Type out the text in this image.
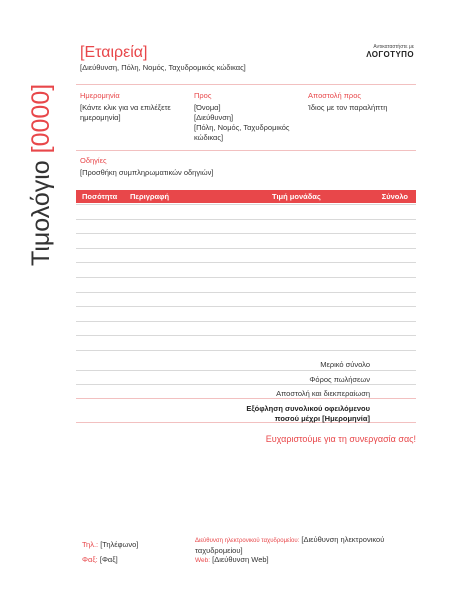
Τιμολόγιο [0000]
[Εταιρεία]
[Διεύθυνση, Πόλη, Νομός, Ταχυδρομικός κώδικας]
Αντικαταστήστε με
ΛΟΓΟΤΥΠΟ
Ημερομηνία
[Κάντε κλικ για να επιλέξετε ημερομηνία]
Προς
[Όνομα]
[Διεύθυνση]
[Πόλη, Νομός, Ταχυδρομικός κώδικας]
Αποστολή προς
Ίδιος με τον παραλήπτη
Οδηγίες
[Προσθήκη συμπληρωματικών οδηγιών]
Ποσότητα Περιγραφή	Τιμή μονάδας	Σύνολο
Μερικό σύνολο
Φόρος πωλήσεων
Αποστολή και διεκπεραίωση
Εξόφληση συνολικού οφειλόμενου
ποσού μέχρι [Ημερομηνία]
Ευχαριστούμε για τη συνεργασία σας!
Τηλ.: [Τηλέφωνο]
Φαξ: [Φαξ]
Διεύθυνση ηλεκτρονικού ταχυδρομείου: [Διεύθυνση ηλεκτρονικού ταχυδρομείου]
Web: [Διεύθυνση Web]
